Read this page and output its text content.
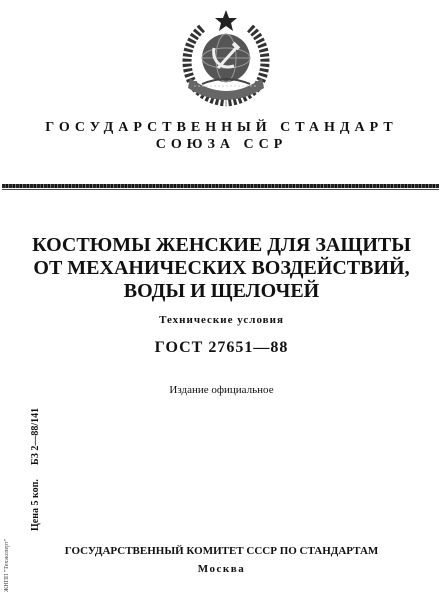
ГОСУДАРСТВЕННЫЙ СТАНДАРТ
СОЮЗА ССР
КОСТЮМЫ ЖЕНСКИЕ ДЛЯ ЗАЩИТЫ
ОТ МЕХАНИЧЕСКИХ ВОЗДЕЙСТВИЙ,
ВОДЫ И ЩЕЛОЧЕЙ
Технические условия
ГОСТ 27651—88
Издание официальное
БЗ 2—88/141
Цена 5 коп.
ЖНПП "Техэксперт"	ГОСУДАРСТВЕННЫЙ КОМИТЕТ СССР ПО СТАНДАРТАМ
Москва
